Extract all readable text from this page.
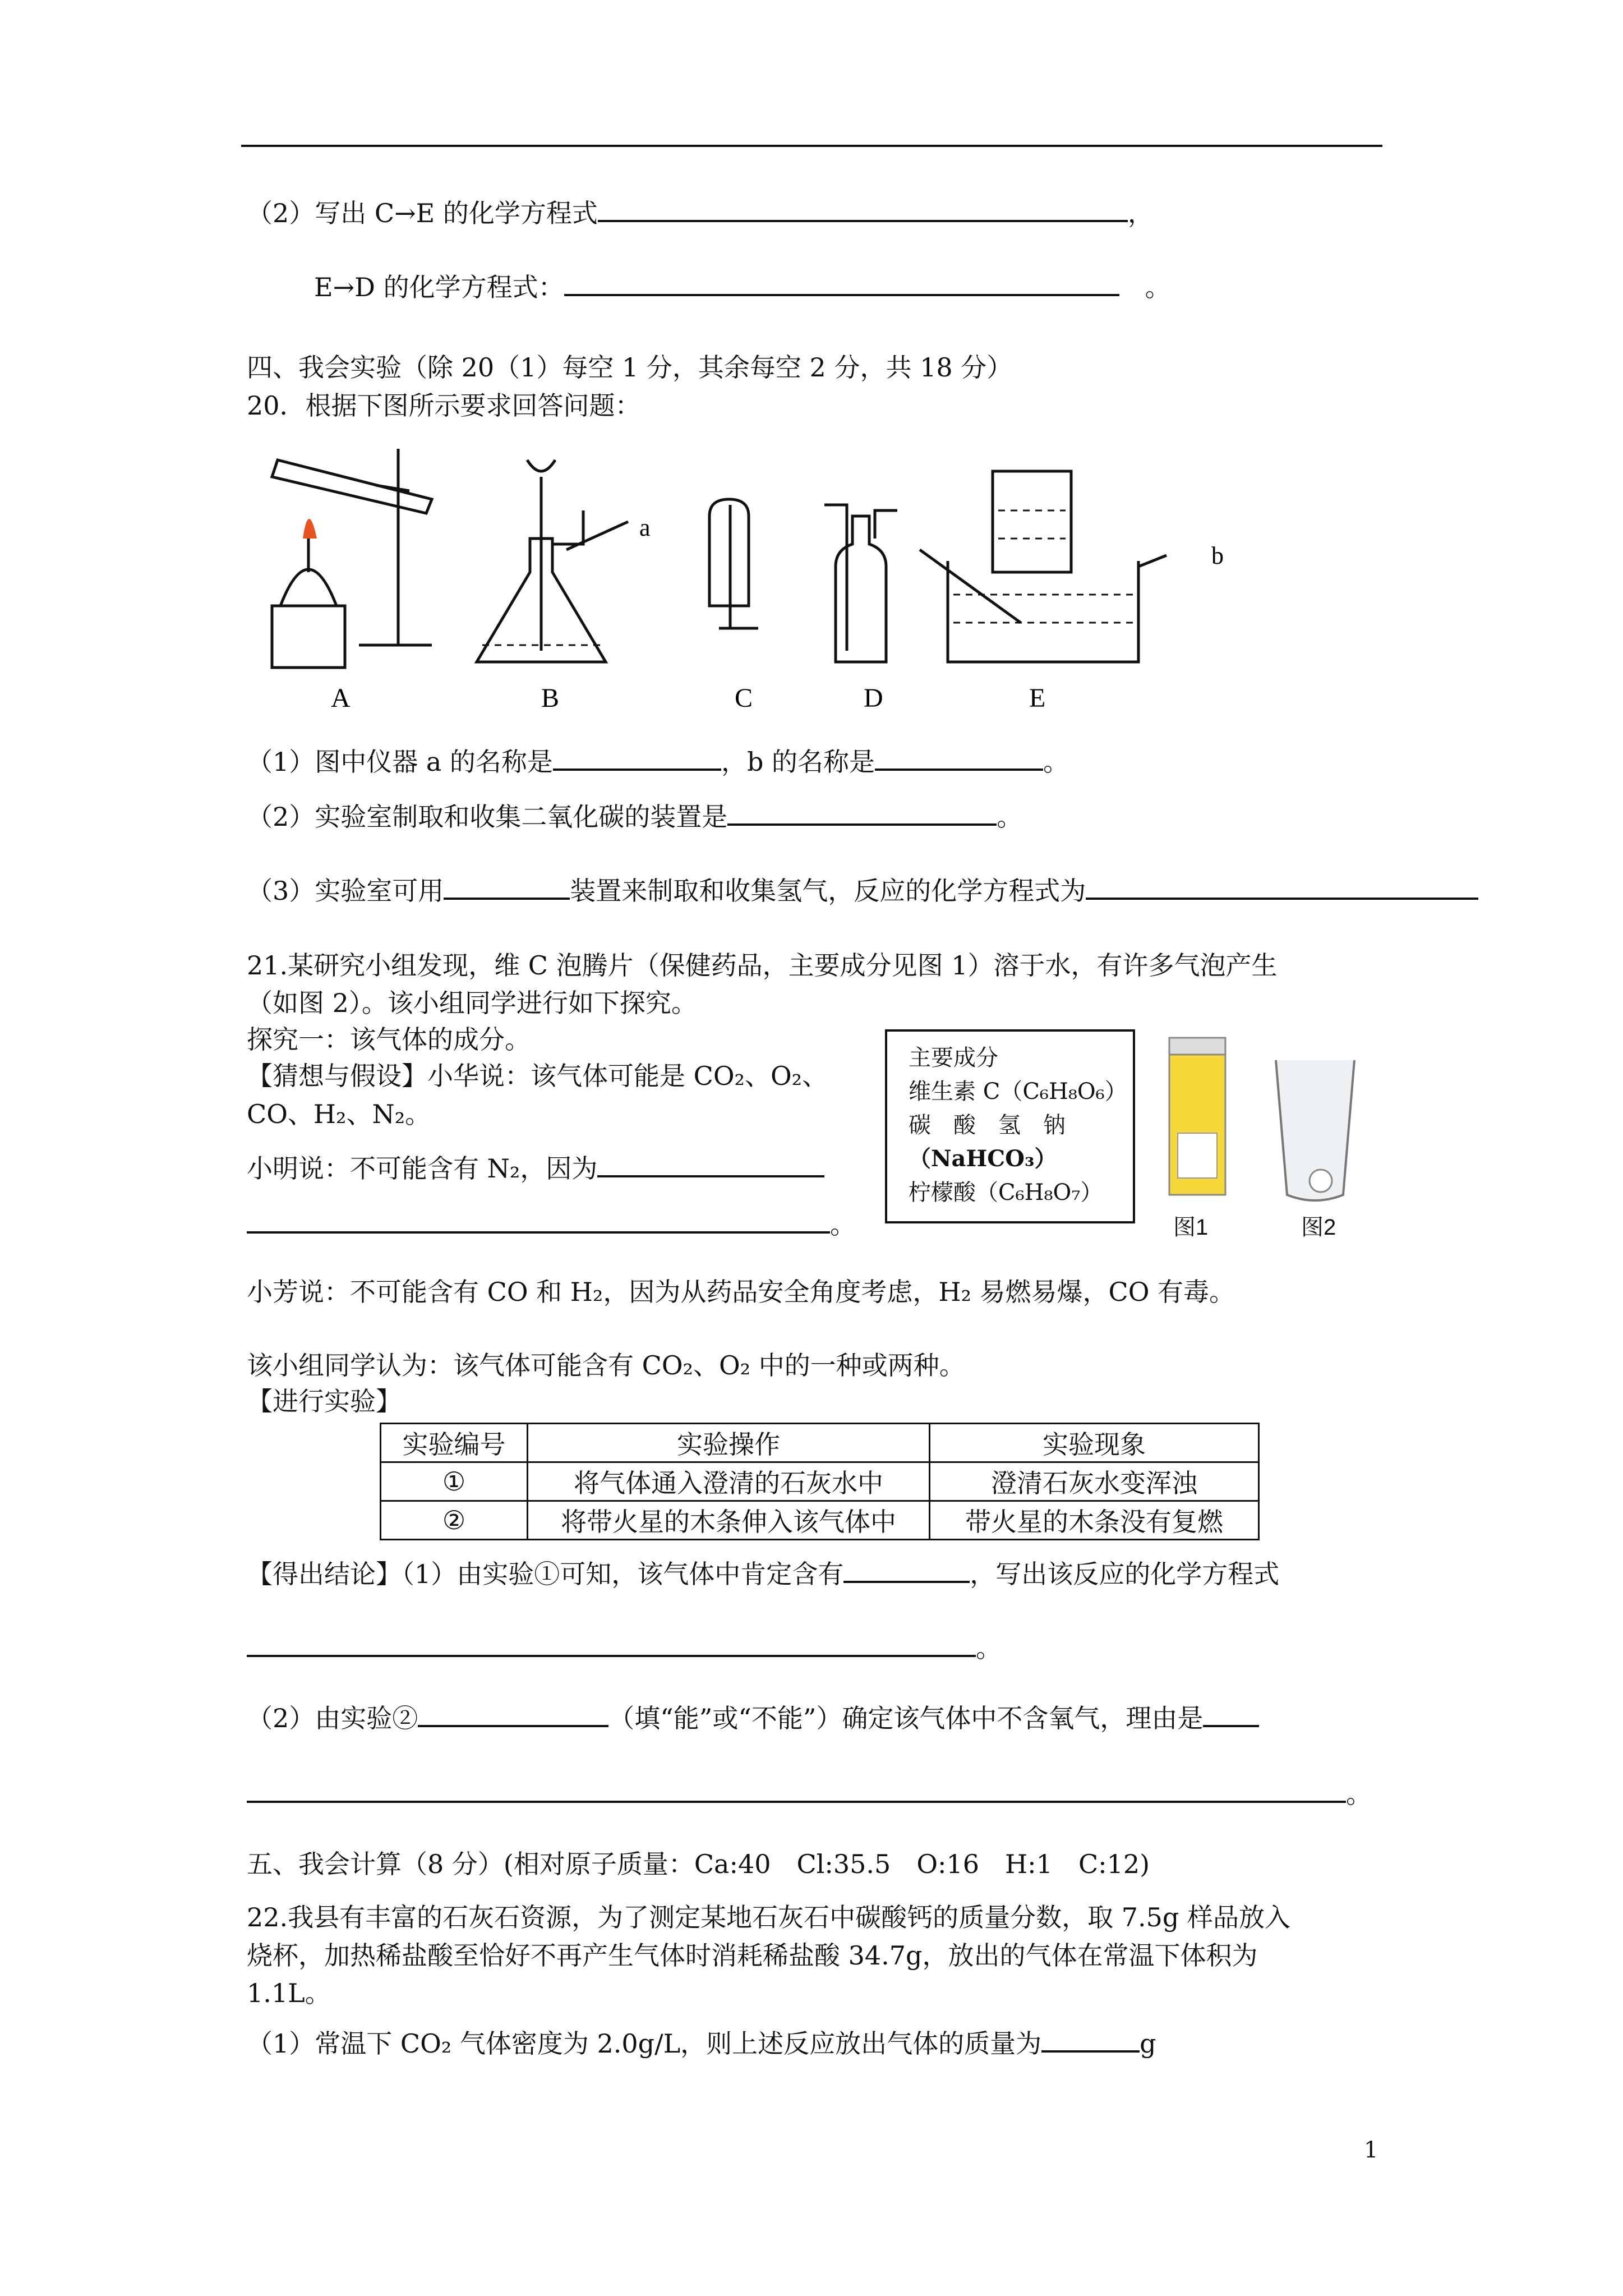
（2）写出 C→E 的化学方程式	，
E→D 的化学方程式：　	。
四、我会实验（除 20（1）每空 1 分，其余每空 2 分，共 18 分）
20．根据下图所示要求回答问题：
a
b
A	B	C	D	E
（1）图中仪器 a 的名称是	，b 的名称是	。
（2）实验室制取和收集二氧化碳的装置是	。
（3）实验室可用	装置来制取和收集氢气，反应的化学方程式为
21.某研究小组发现，维 C 泡腾片（保健药品，主要成分见图 1）溶于水，有许多气泡产生
（如图 2）。该小组同学进行如下探究。
探究一：该气体的成分。
【猜想与假设】小华说：该气体可能是 CO₂、O₂、
CO、H₂、N₂。
小明说：不可能含有 N₂，因为
。
主要成分
维生素 C（C₆H₈O₆）
碳　酸　氢　钠
（NaHCO₃）
柠檬酸（C₆H₈O₇）
图1	图2
小芳说：不可能含有 CO 和 H₂，因为从药品安全角度考虑，H₂ 易燃易爆，CO 有毒。
该小组同学认为：该气体可能含有 CO₂、O₂ 中的一种或两种。
【进行实验】
实验编号	实验操作	实验现象
①	将气体通入澄清的石灰水中	澄清石灰水变浑浊
②	将带火星的木条伸入该气体中	带火星的木条没有复燃
【得出结论】（1）由实验①可知，该气体中肯定含有	，写出该反应的化学方程式
。
（2）由实验②	（填“能”或“不能”）确定该气体中不含氧气，理由是
。
五、我会计算（8 分）(相对原子质量：Ca:40　Cl:35.5　O:16　H:1　C:12)
22.我县有丰富的石灰石资源，为了测定某地石灰石中碳酸钙的质量分数，取 7.5g 样品放入
烧杯，加热稀盐酸至恰好不再产生气体时消耗稀盐酸 34.7g，放出的气体在常温下体积为
1.1L。
（1）常温下 CO₂ 气体密度为 2.0g/L，则上述反应放出气体的质量为	g
1
